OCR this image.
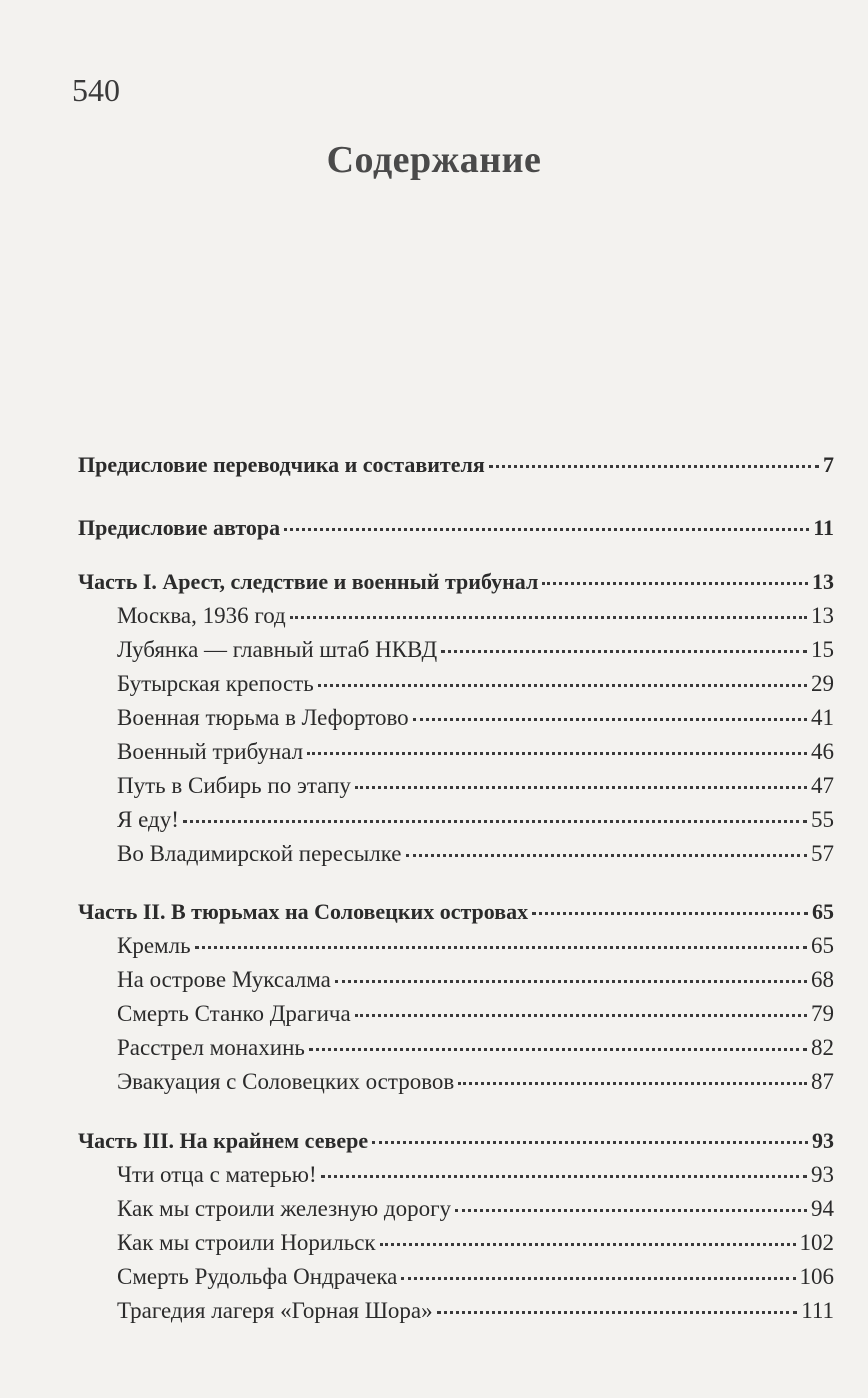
540
Содержание
Предисловие переводчика и составителя	7
Предисловие автора	11
Часть I. Арест, следствие и военный трибунал	13
Москва, 1936 год	13
Лубянка — главный штаб НКВД	15
Бутырская крепость	29
Военная тюрьма в Лефортово	41
Военный трибунал	46
Путь в Сибирь по этапу	47
Я еду!	55
Во Владимирской пересылке	57
Часть II. В тюрьмах на Соловецких островах	65
Кремль	65
На острове Муксалма	68
Смерть Станко Драгича	79
Расстрел монахинь	82
Эвакуация с Соловецких островов	87
Часть III. На крайнем севере	93
Чти отца с матерью!	93
Как мы строили железную дорогу	94
Как мы строили Норильск	102
Смерть Рудольфа Ондрачека	106
Трагедия лагеря «Горная Шора»	111
